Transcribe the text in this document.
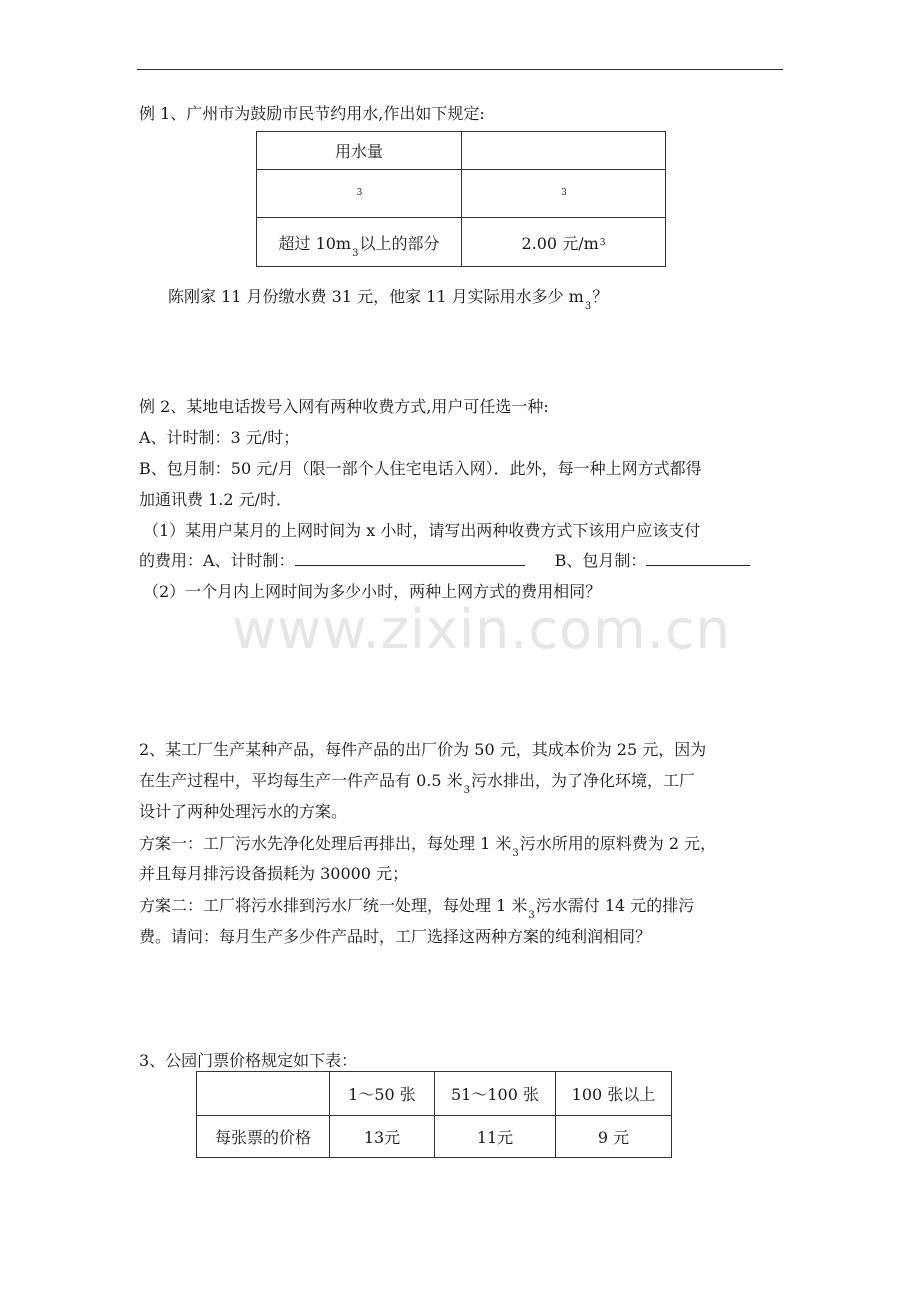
例 1、广州市为鼓励市民节约用水,作出如下规定:
用水量	
$^3$	$^3$
超过 $10m_3$以上的部分	2.00 元$/m^3$
陈刚家 11 月份缴水费 31 元，他家 11 月实际用水多少 $m_3$？
例 2、某地电话拨号入网有两种收费方式,用户可任选一种:
A、计时制：3 元/时；
B、包月制：50 元/月（限一部个人住宅电话入网）．此外，每一种上网方式都得
加通讯费 1.2 元/时．
（1）某用户某月的上网时间为 x 小时，请写出两种收费方式下该用户应该支付
的费用：A、计时制：	B、包月制：
（2）一个月内上网时间为多少小时，两种上网方式的费用相同？
www.zixin.com.cn
2、某工厂生产某种产品，每件产品的出厂价为 50 元，其成本价为 25 元，因为
在生产过程中，平均每生产一件产品有 0.5 米$_3$污水排出，为了净化环境，工厂
设计了两种处理污水的方案。
方案一：工厂污水先净化处理后再排出，每处理 1 米$_3$污水所用的原料费为 2 元，
并且每月排污设备损耗为 30000 元；
方案二：工厂将污水排到污水厂统一处理，每处理 1 米$_3$污水需付 14 元的排污
费。请问：每月生产多少件产品时，工厂选择这两种方案的纯利润相同？
3、公园门票价格规定如下表：
	1～50 张	51～100 张	100 张以上
每张票的价格	13元	11元	9 元
